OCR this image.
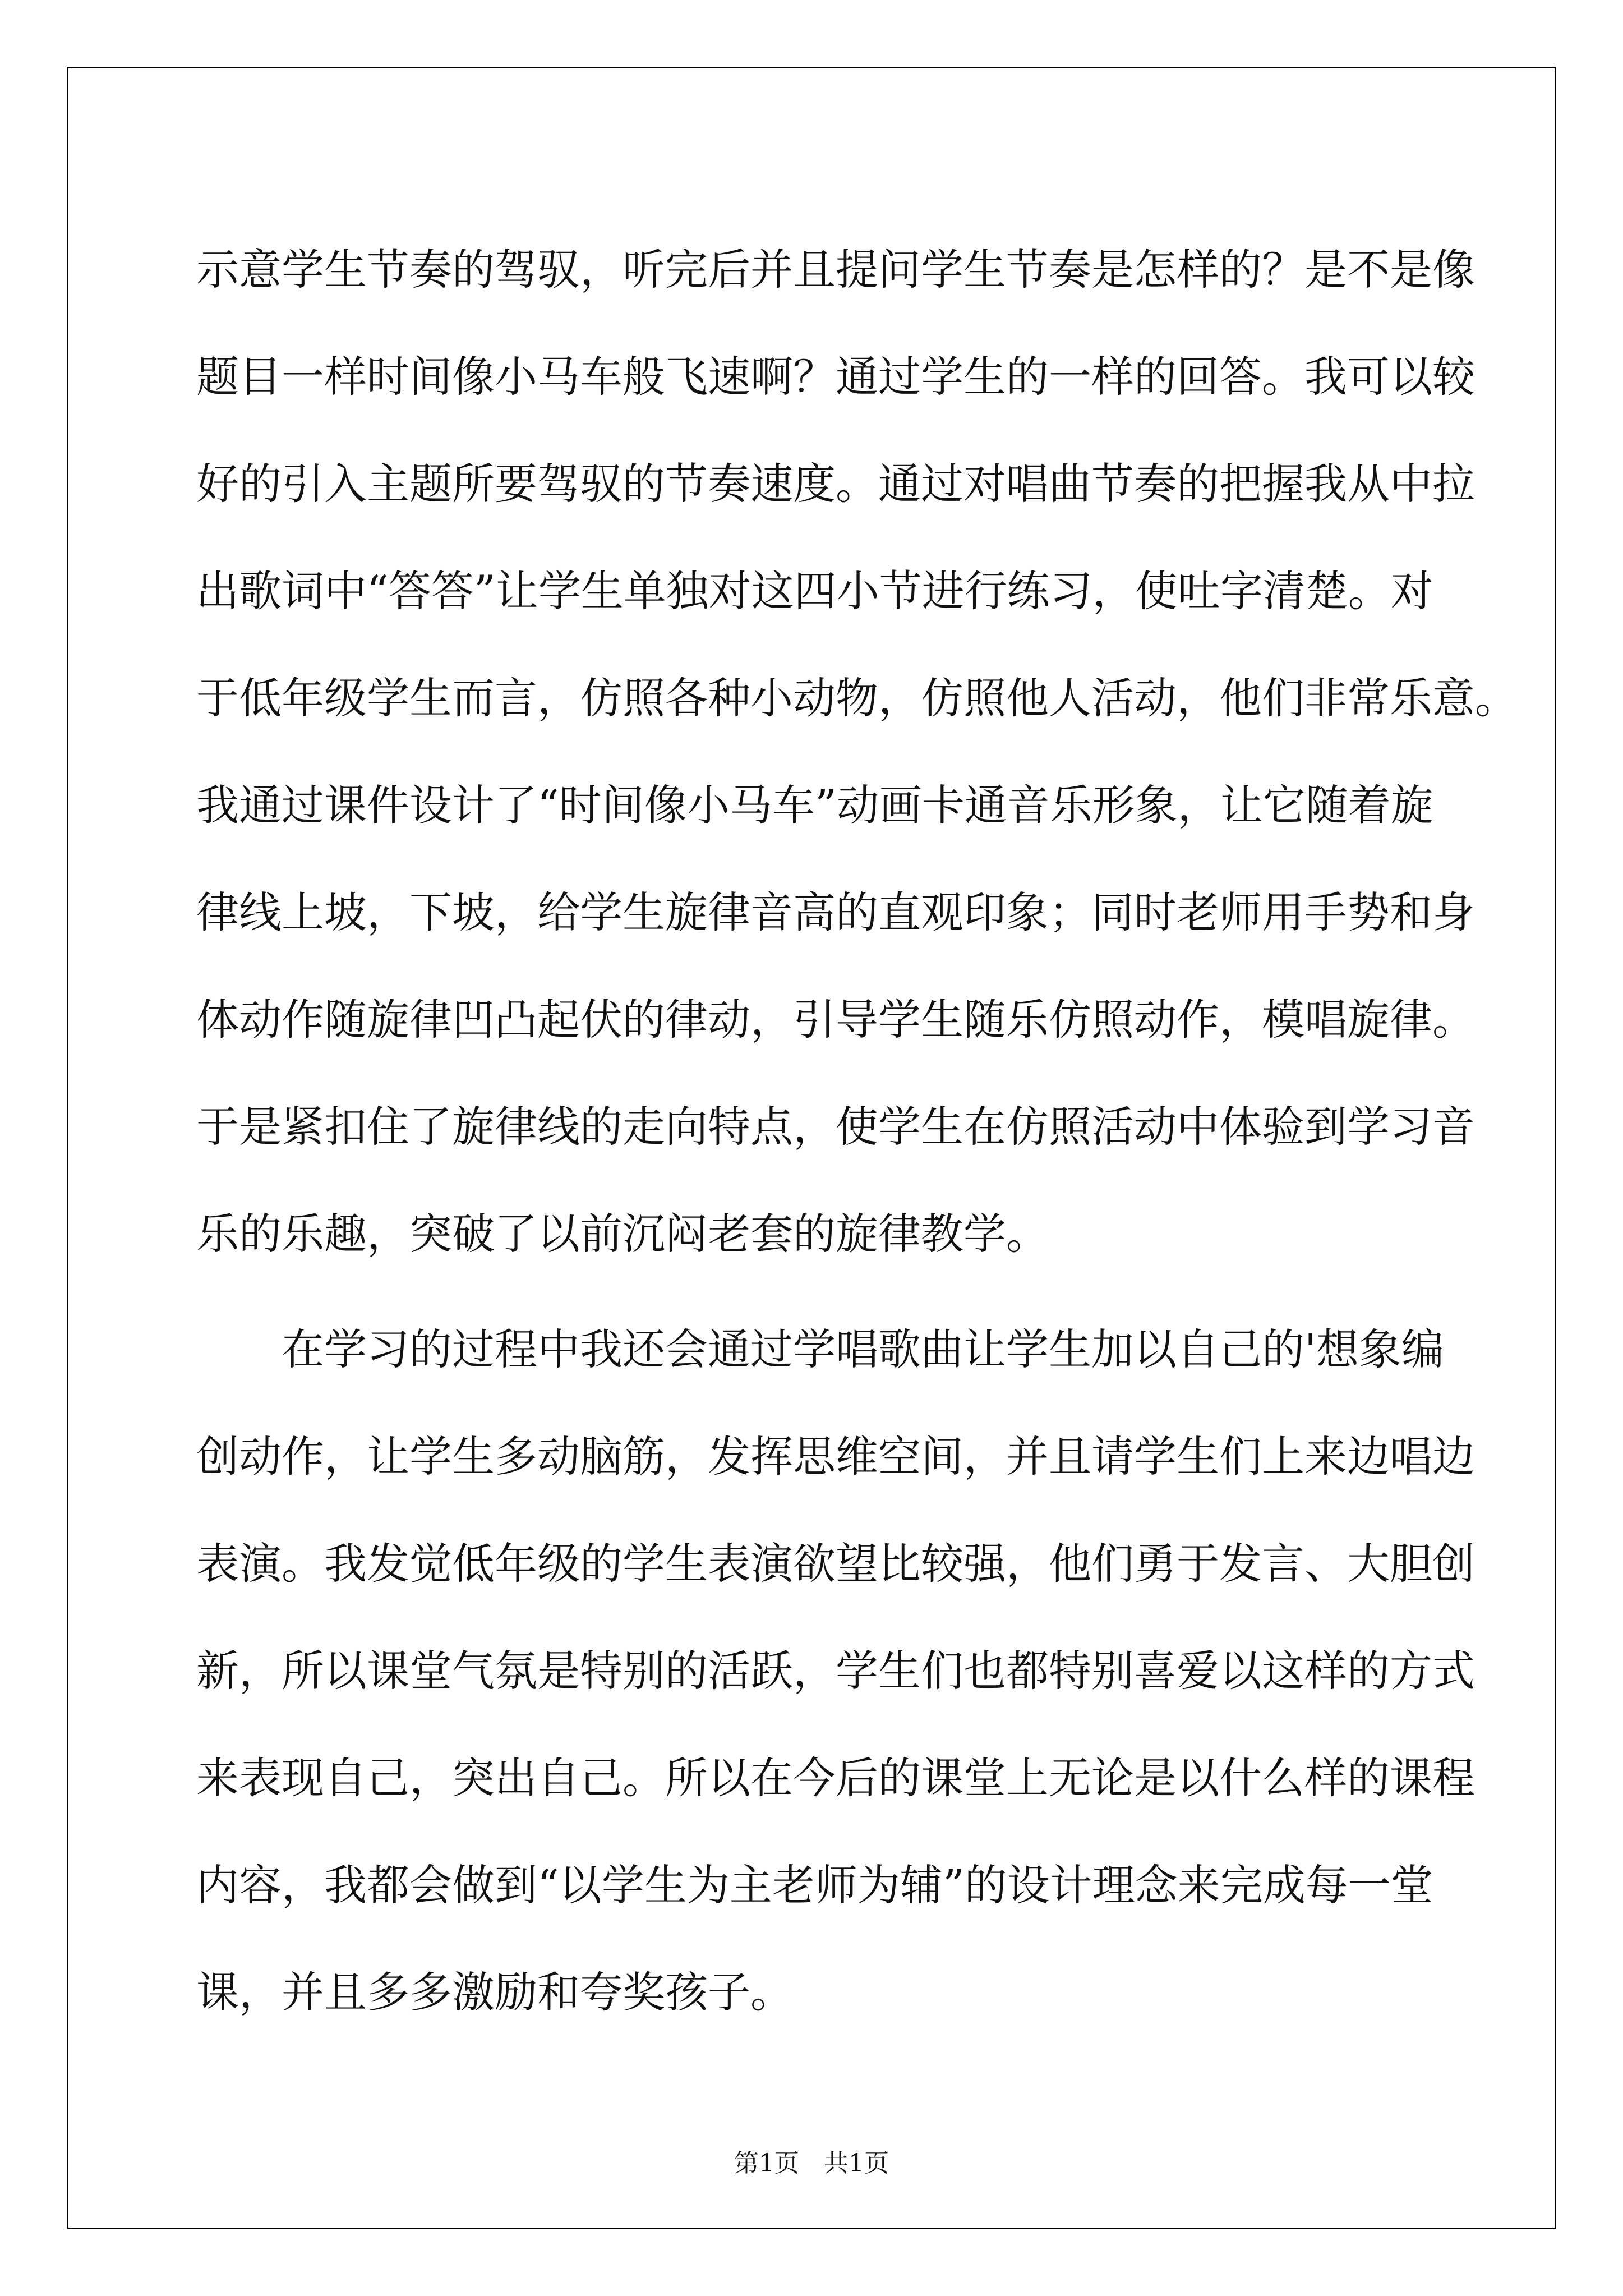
示意学生节奏的驾驭，听完后并且提问学生节奏是怎样的？是不是像
题目一样时间像小马车般飞速啊？通过学生的一样的回答。我可以较
好的引入主题所要驾驭的节奏速度。通过对唱曲节奏的把握我从中拉
出歌词中“答答”让学生单独对这四小节进行练习，使吐字清楚。对
于低年级学生而言，仿照各种小动物，仿照他人活动，他们非常乐意。
我通过课件设计了“时间像小马车”动画卡通音乐形象，让它随着旋
律线上坡，下坡，给学生旋律音高的直观印象；同时老师用手势和身
体动作随旋律凹凸起伏的律动，引导学生随乐仿照动作，模唱旋律。
于是紧扣住了旋律线的走向特点，使学生在仿照活动中体验到学习音
乐的乐趣，突破了以前沉闷老套的旋律教学。
　　在学习的过程中我还会通过学唱歌曲让学生加以自己的'想象编
创动作，让学生多动脑筋，发挥思维空间，并且请学生们上来边唱边
表演。我发觉低年级的学生表演欲望比较强，他们勇于发言、大胆创
新，所以课堂气氛是特别的活跃，学生们也都特别喜爱以这样的方式
来表现自己，突出自己。所以在今后的课堂上无论是以什么样的课程
内容，我都会做到“以学生为主老师为辅”的设计理念来完成每一堂
课，并且多多激励和夸奖孩子。
第1页　共1页
